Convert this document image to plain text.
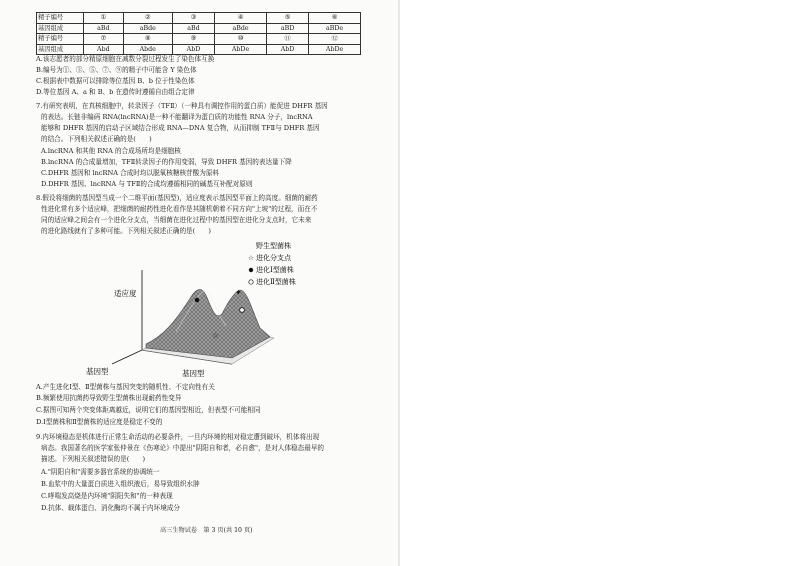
精子编号	①	②	③	④	⑤	⑥
基因组成	aBd	aBde	aBd	aBde	aBD	aBDe
精子编号	⑦	⑧	⑨	⑩	⑪	⑫
基因组成	Abd	Abde	AbD	AbDe	AbD	AbDe
A.该志愿者的部分精原细胞在减数分裂过程发生了染色体互换
B.编号为①、③、⑤、⑦、⑨的精子中可能含 Y 染色体
C.根据表中数据可以排除等位基因 B、b 位于性染色体
D.等位基因 A、a 和 B、b 在遗传时遵循自由组合定律
7.有研究表明，在真核细胞中，转录因子（TFⅡ）（一种具有调控作用的蛋白质）能促进 DHFR 基因
的表达。长链非编码 RNA(lncRNA)是一种不能翻译为蛋白质的功能性 RNA 分子，lncRNA
能够和 DHFR 基因的启动子区域结合形成 RNA—DNA 复合物，从而抑制 TFⅡ与 DHFR 基因
的结合。下列相关叙述正确的是(　　)
A.lncRNA 和其他 RNA 的合成场所均是细胞核
B.lncRNA 的合成量增加，TFⅡ转录因子的作用变弱，导致 DHFR 基因的表达量下降
C.DHFR 基因和 lncRNA 合成时均以脱氧核糖核苷酸为原料
D.DHFR 基因、lncRNA 与 TFⅡ的合成均遵循相同的碱基互补配对原则
8.假设将细菌的基因型当成一个二维平面(基因型)，适应度表示基因型平面上的高度。细菌的耐药
性进化常有多个适应峰，把细菌的耐药性进化看作是其随机朝着不同方向"上坡"的过程，而在不
同的适应峰之间会有一个进化分支点，当细菌在进化过程中的基因型在进化分支点时，它未来
的进化路线就有了多种可能。下列相关叙述正确的是(　　)
☆
✦
适应度
基因型	基因型
野生型菌株
☆ 进化分支点
进化Ⅰ型菌株
进化Ⅱ型菌株
A.产生进化Ⅰ型、Ⅱ型菌株与基因突变的随机性、不定向性有关
B.频繁使用抗菌药导致野生型菌株出现耐药性变异
C.据图可知两个突变体距离越近，说明它们的基因型相近，但表型不可能相同
D.Ⅰ型菌株和Ⅱ型菌株的适应度是稳定不变的
9.内环境稳态是机体进行正常生命活动的必要条件，一旦内环境的相对稳定遭到破坏，机体将出现
病态。我国著名的医学家张仲景在《伤寒论》中提出"阴阳自和者，必自愈"，是对人体稳态最早的
描述。下列相关叙述错误的是(　　)
A."阴阳自和"需要多器官系统的协调统一
B.血浆中的大量蛋白质进入组织液后，易导致组织水肿
C.哮喘发高烧是内环境"阴阳失和"的一种表现
D.抗体、载体蛋白、消化酶均不属于内环境成分
高三生物试卷　第 3 页(共 10 页)
